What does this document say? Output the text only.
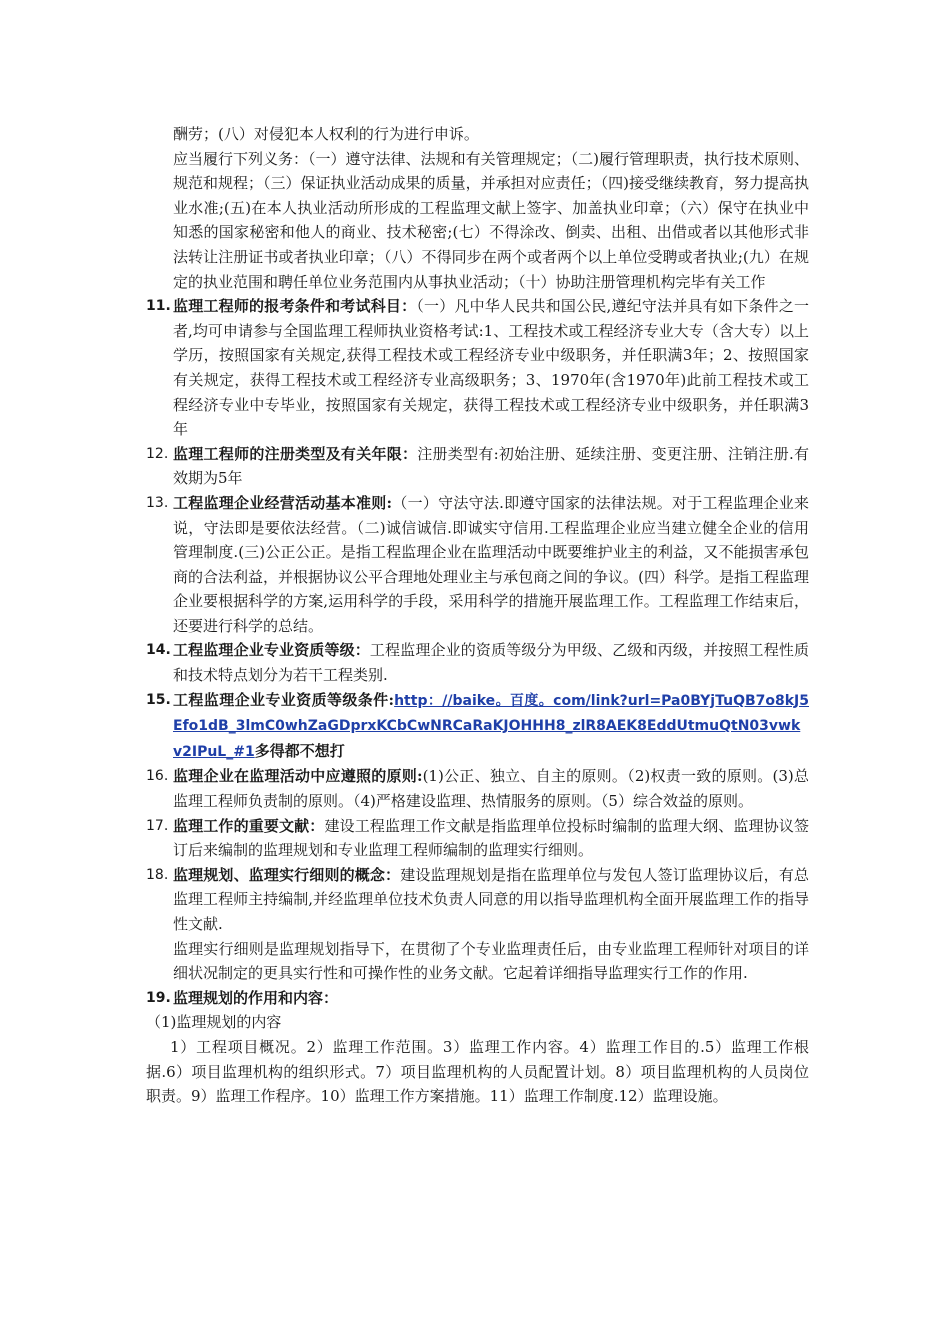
酬劳；(八）对侵犯本人权利的行为进行申诉。

应当履行下列义务：（一）遵守法律、法规和有关管理规定；（二)履行管理职责，执行技术原则、规范和规程；（三）保证执业活动成果的质量，并承担对应责任；（四)接受继续教育，努力提高执业水准;(五)在本人执业活动所形成的工程监理文献上签字、加盖执业印章；（六）保守在执业中知悉的国家秘密和他人的商业、技术秘密;(七）不得涂改、倒卖、出租、出借或者以其他形式非法转让注册证书或者执业印章；（八）不得同步在两个或者两个以上单位受聘或者执业;(九）在规定的执业范围和聘任单位业务范围内从事执业活动；（十）协助注册管理机构完毕有关工作

11. 监理工程师的报考条件和考试科目：（一）凡中华人民共和国公民,遵纪守法并具有如下条件之一者,均可申请参与全国监理工程师执业资格考试:1、工程技术或工程经济专业大专（含大专）以上学历，按照国家有关规定,获得工程技术或工程经济专业中级职务，并任职满3年；2、按照国家有关规定，获得工程技术或工程经济专业高级职务；3、1970年(含1970年)此前工程技术或工程经济专业中专毕业，按照国家有关规定，获得工程技术或工程经济专业中级职务，并任职满3年

12. 监理工程师的注册类型及有关年限：注册类型有:初始注册、延续注册、变更注册、注销注册.有效期为5年

13. 工程监理企业经营活动基本准则:（一）守法守法.即遵守国家的法律法规。对于工程监理企业来说，守法即是要依法经营。（二)诚信诚信.即诚实守信用.工程监理企业应当建立健全企业的信用管理制度.(三)公正公正。是指工程监理企业在监理活动中既要维护业主的利益，又不能损害承包商的合法利益，并根据协议公平合理地处理业主与承包商之间的争议。(四）科学。是指工程监理企业要根据科学的方案,运用科学的手段，采用科学的措施开展监理工作。工程监理工作结束后，还要进行科学的总结。

14. 工程监理企业专业资质等级：工程监理企业的资质等级分为甲级、乙级和丙级，并按照工程性质和技术特点划分为若干工程类别.

15. 工程监理企业专业资质等级条件:http：//baike。百度。com/link?url=Pa0BYjTuQB7o8kJ5Efo1dB_3lmC0whZaGDprxKCbCwNRCaRaKJOHHH8_zlR8AEK8EddUtmuQtN03vwkv2IPuL_#1多得都不想打

16. 监理企业在监理活动中应遵照的原则:(1)公正、独立、自主的原则。（2)权责一致的原则。(3)总监理工程师负责制的原则。（4)严格建设监理、热情服务的原则。（5）综合效益的原则。

17. 监理工作的重要文献：建设工程监理工作文献是指监理单位投标时编制的监理大纲、监理协议签订后来编制的监理规划和专业监理工程师编制的监理实行细则。

18. 监理规划、监理实行细则的概念：建设监理规划是指在监理单位与发包人签订监理协议后，有总监理工程师主持编制,并经监理单位技术负责人同意的用以指导监理机构全面开展监理工作的指导性文献.

监理实行细则是监理规划指导下，在贯彻了个专业监理责任后，由专业监理工程师针对项目的详细状况制定的更具实行性和可操作性的业务文献。它起着详细指导监理实行工作的作用.

19. 监理规划的作用和内容：

（1)监理规划的内容

1）工程项目概况。2）监理工作范围。3）监理工作内容。4）监理工作目的.5）监理工作根据.6）项目监理机构的组织形式。7）项目监理机构的人员配置计划。8）项目监理机构的人员岗位职责。9）监理工作程序。10）监理工作方案措施。11）监理工作制度.12）监理设施。
